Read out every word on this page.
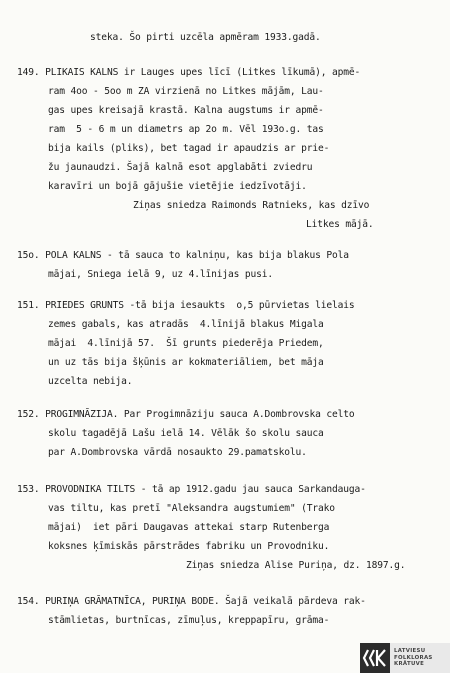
steka. Šo pirti uzcēla apmēram 1933.gadā.
149. PLIKAIS KALNS ir Lauges upes līcī (Litkes līkumā), apmē-
ram 4oo - 5oo m ZA virzienā no Litkes mājām, Lau-
gas upes kreisajā krastā. Kalna augstums ir apmē-
ram  5 - 6 m un diametrs ap 2o m. Vēl 193o.g. tas
bija kails (pliks), bet tagad ir apaudzis ar prie-
žu jaunaudzi. Šajā kalnā esot apglabāti zviedru
karavīri un bojā gājušie vietējie iedzīvotāji.
Ziņas sniedza Raimonds Ratnieks, kas dzīvo
Litkes mājā.
15o. POLA KALNS - tā sauca to kalniņu, kas bija blakus Pola
mājai, Sniega ielā 9, uz 4.līnijas pusi.
151. PRIEDES GRUNTS -tā bija iesaukts  o,5 pūrvietas lielais
zemes gabals, kas atradās  4.līnijā blakus Migala
mājai  4.līnijā 57.  Šī grunts piederēja Priedem,
un uz tās bija šķūnis ar kokmateriāliem, bet māja
uzcelta nebija.
152. PROGIMNĀZIJA. Par Progimnāziju sauca A.Dombrovska celto
skolu tagadējā Lašu ielā 14. Vēlāk šo skolu sauca
par A.Dombrovska vārdā nosaukto 29.pamatskolu.
153. PROVODNIKA TILTS - tā ap 1912.gadu jau sauca Sarkandauga-
vas tiltu, kas pretī "Aleksandra augstumiem" (Trako
mājai)  iet pāri Daugavas attekai starp Rutenberga
koksnes ķīmiskās pārstrādes fabriku un Provodniku.
Ziņas sniedza Alise Puriņa, dz. 1897.g.
154. PURIŅA GRĀMATNĪCA, PURIŅA BODE. Šajā veikalā pārdeva rak-
stāmlietas, burtnīcas, zīmuļus, kreppapīru, grāma-
LATVIESU
FOLKLORAS
KRĀTUVE
